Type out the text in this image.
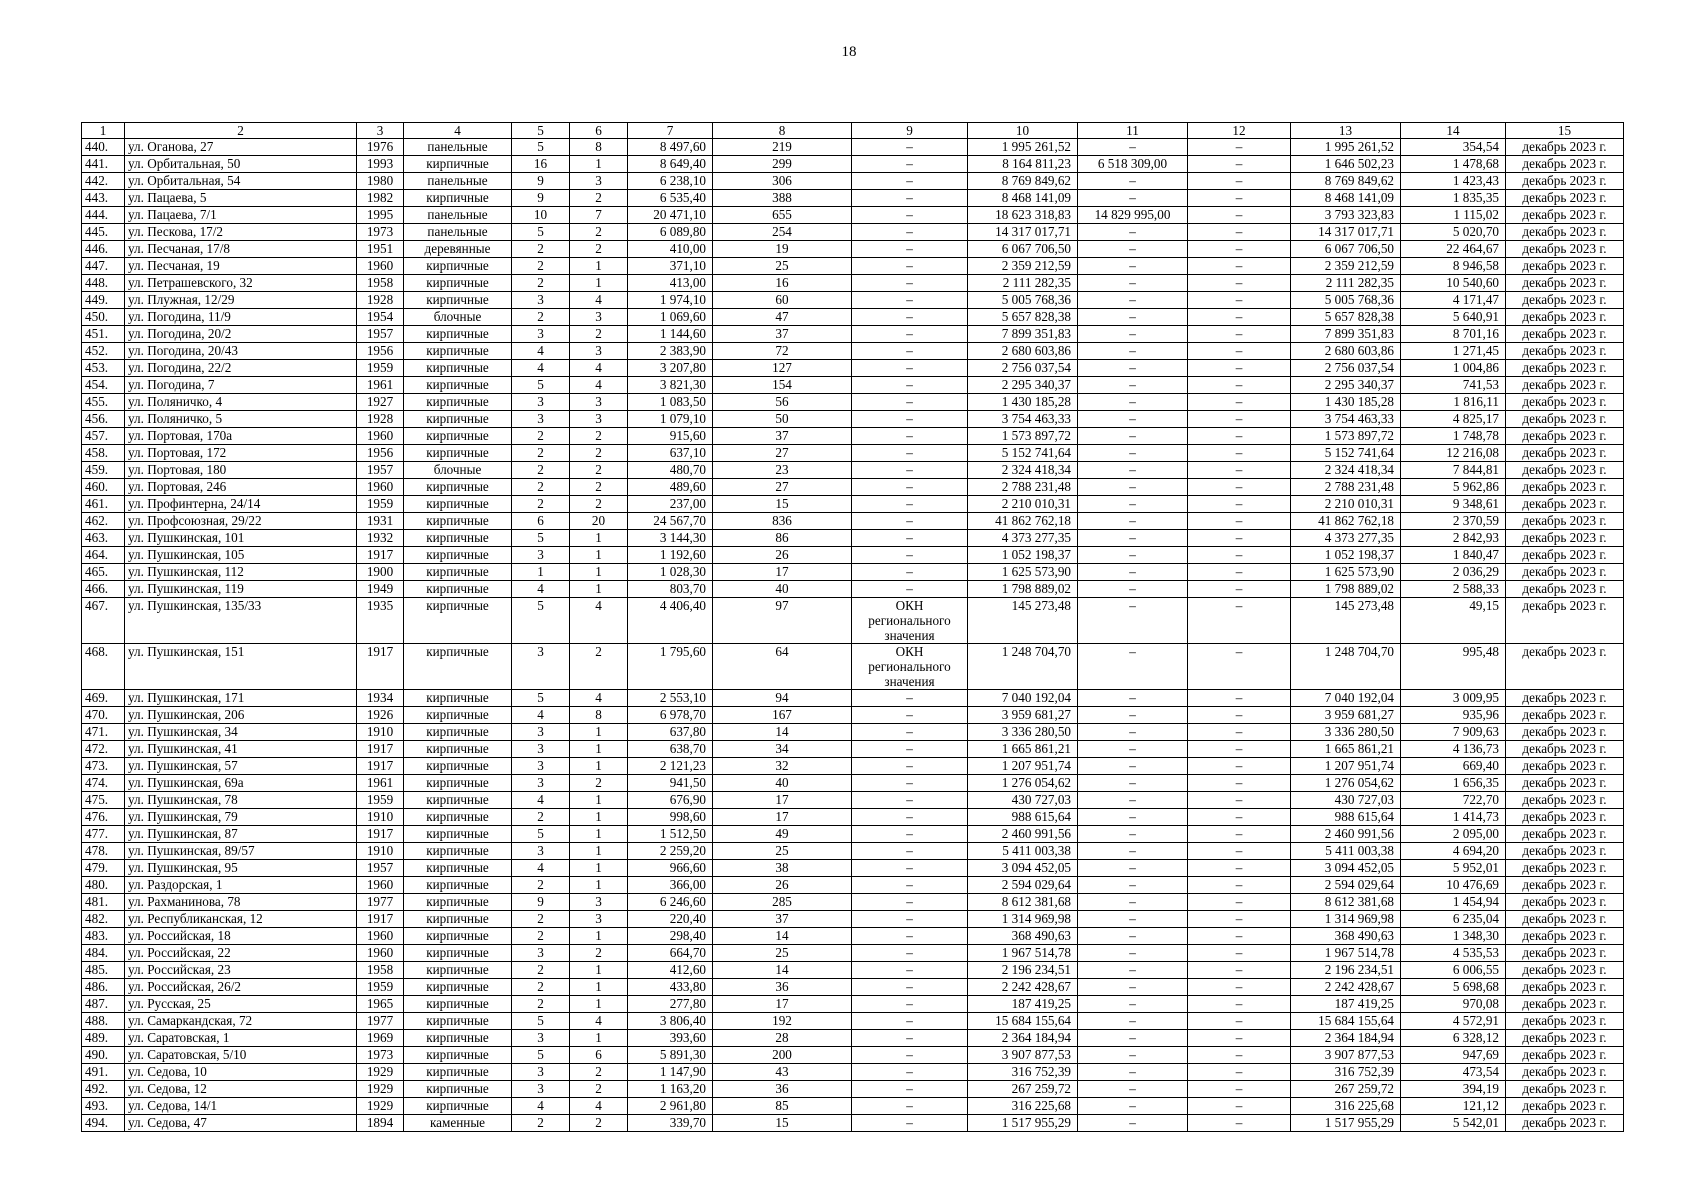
18
1	2	3	4	5	6	7	8	9	10	11	12	13	14	15
440.	ул. Оганова, 27	1976	панельные	5	8	8 497,60	219	–	1 995 261,52	–	–	1 995 261,52	354,54	декабрь 2023 г.
441.	ул. Орбитальная, 50	1993	кирпичные	16	1	8 649,40	299	–	8 164 811,23	6 518 309,00	–	1 646 502,23	1 478,68	декабрь 2023 г.
442.	ул. Орбитальная, 54	1980	панельные	9	3	6 238,10	306	–	8 769 849,62	–	–	8 769 849,62	1 423,43	декабрь 2023 г.
443.	ул. Пацаева, 5	1982	кирпичные	9	2	6 535,40	388	–	8 468 141,09	–	–	8 468 141,09	1 835,35	декабрь 2023 г.
444.	ул. Пацаева, 7/1	1995	панельные	10	7	20 471,10	655	–	18 623 318,83	14 829 995,00	–	3 793 323,83	1 115,02	декабрь 2023 г.
445.	ул. Пескова, 17/2	1973	панельные	5	2	6 089,80	254	–	14 317 017,71	–	–	14 317 017,71	5 020,70	декабрь 2023 г.
446.	ул. Песчаная, 17/8	1951	деревянные	2	2	410,00	19	–	6 067 706,50	–	–	6 067 706,50	22 464,67	декабрь 2023 г.
447.	ул. Песчаная, 19	1960	кирпичные	2	1	371,10	25	–	2 359 212,59	–	–	2 359 212,59	8 946,58	декабрь 2023 г.
448.	ул. Петрашевского, 32	1958	кирпичные	2	1	413,00	16	–	2 111 282,35	–	–	2 111 282,35	10 540,60	декабрь 2023 г.
449.	ул. Плужная, 12/29	1928	кирпичные	3	4	1 974,10	60	–	5 005 768,36	–	–	5 005 768,36	4 171,47	декабрь 2023 г.
450.	ул. Погодина, 11/9	1954	блочные	2	3	1 069,60	47	–	5 657 828,38	–	–	5 657 828,38	5 640,91	декабрь 2023 г.
451.	ул. Погодина, 20/2	1957	кирпичные	3	2	1 144,60	37	–	7 899 351,83	–	–	7 899 351,83	8 701,16	декабрь 2023 г.
452.	ул. Погодина, 20/43	1956	кирпичные	4	3	2 383,90	72	–	2 680 603,86	–	–	2 680 603,86	1 271,45	декабрь 2023 г.
453.	ул. Погодина, 22/2	1959	кирпичные	4	4	3 207,80	127	–	2 756 037,54	–	–	2 756 037,54	1 004,86	декабрь 2023 г.
454.	ул. Погодина, 7	1961	кирпичные	5	4	3 821,30	154	–	2 295 340,37	–	–	2 295 340,37	741,53	декабрь 2023 г.
455.	ул. Поляничко, 4	1927	кирпичные	3	3	1 083,50	56	–	1 430 185,28	–	–	1 430 185,28	1 816,11	декабрь 2023 г.
456.	ул. Поляничко, 5	1928	кирпичные	3	3	1 079,10	50	–	3 754 463,33	–	–	3 754 463,33	4 825,17	декабрь 2023 г.
457.	ул. Портовая, 170а	1960	кирпичные	2	2	915,60	37	–	1 573 897,72	–	–	1 573 897,72	1 748,78	декабрь 2023 г.
458.	ул. Портовая, 172	1956	кирпичные	2	2	637,10	27	–	5 152 741,64	–	–	5 152 741,64	12 216,08	декабрь 2023 г.
459.	ул. Портовая, 180	1957	блочные	2	2	480,70	23	–	2 324 418,34	–	–	2 324 418,34	7 844,81	декабрь 2023 г.
460.	ул. Портовая, 246	1960	кирпичные	2	2	489,60	27	–	2 788 231,48	–	–	2 788 231,48	5 962,86	декабрь 2023 г.
461.	ул. Профинтерна, 24/14	1959	кирпичные	2	2	237,00	15	–	2 210 010,31	–	–	2 210 010,31	9 348,61	декабрь 2023 г.
462.	ул. Профсоюзная, 29/22	1931	кирпичные	6	20	24 567,70	836	–	41 862 762,18	–	–	41 862 762,18	2 370,59	декабрь 2023 г.
463.	ул. Пушкинская, 101	1932	кирпичные	5	1	3 144,30	86	–	4 373 277,35	–	–	4 373 277,35	2 842,93	декабрь 2023 г.
464.	ул. Пушкинская, 105	1917	кирпичные	3	1	1 192,60	26	–	1 052 198,37	–	–	1 052 198,37	1 840,47	декабрь 2023 г.
465.	ул. Пушкинская, 112	1900	кирпичные	1	1	1 028,30	17	–	1 625 573,90	–	–	1 625 573,90	2 036,29	декабрь 2023 г.
466.	ул. Пушкинская, 119	1949	кирпичные	4	1	803,70	40	–	1 798 889,02	–	–	1 798 889,02	2 588,33	декабрь 2023 г.
467.	ул. Пушкинская, 135/33	1935	кирпичные	5	4	4 406,40	97	ОКН регионального значения	145 273,48	–	–	145 273,48	49,15	декабрь 2023 г.
468.	ул. Пушкинская, 151	1917	кирпичные	3	2	1 795,60	64	ОКН регионального значения	1 248 704,70	–	–	1 248 704,70	995,48	декабрь 2023 г.
469.	ул. Пушкинская, 171	1934	кирпичные	5	4	2 553,10	94	–	7 040 192,04	–	–	7 040 192,04	3 009,95	декабрь 2023 г.
470.	ул. Пушкинская, 206	1926	кирпичные	4	8	6 978,70	167	–	3 959 681,27	–	–	3 959 681,27	935,96	декабрь 2023 г.
471.	ул. Пушкинская, 34	1910	кирпичные	3	1	637,80	14	–	3 336 280,50	–	–	3 336 280,50	7 909,63	декабрь 2023 г.
472.	ул. Пушкинская, 41	1917	кирпичные	3	1	638,70	34	–	1 665 861,21	–	–	1 665 861,21	4 136,73	декабрь 2023 г.
473.	ул. Пушкинская, 57	1917	кирпичные	3	1	2 121,23	32	–	1 207 951,74	–	–	1 207 951,74	669,40	декабрь 2023 г.
474.	ул. Пушкинская, 69а	1961	кирпичные	3	2	941,50	40	–	1 276 054,62	–	–	1 276 054,62	1 656,35	декабрь 2023 г.
475.	ул. Пушкинская, 78	1959	кирпичные	4	1	676,90	17	–	430 727,03	–	–	430 727,03	722,70	декабрь 2023 г.
476.	ул. Пушкинская, 79	1910	кирпичные	2	1	998,60	17	–	988 615,64	–	–	988 615,64	1 414,73	декабрь 2023 г.
477.	ул. Пушкинская, 87	1917	кирпичные	5	1	1 512,50	49	–	2 460 991,56	–	–	2 460 991,56	2 095,00	декабрь 2023 г.
478.	ул. Пушкинская, 89/57	1910	кирпичные	3	1	2 259,20	25	–	5 411 003,38	–	–	5 411 003,38	4 694,20	декабрь 2023 г.
479.	ул. Пушкинская, 95	1957	кирпичные	4	1	966,60	38	–	3 094 452,05	–	–	3 094 452,05	5 952,01	декабрь 2023 г.
480.	ул. Раздорская, 1	1960	кирпичные	2	1	366,00	26	–	2 594 029,64	–	–	2 594 029,64	10 476,69	декабрь 2023 г.
481.	ул. Рахманинова, 78	1977	кирпичные	9	3	6 246,60	285	–	8 612 381,68	–	–	8 612 381,68	1 454,94	декабрь 2023 г.
482.	ул. Республиканская, 12	1917	кирпичные	2	3	220,40	37	–	1 314 969,98	–	–	1 314 969,98	6 235,04	декабрь 2023 г.
483.	ул. Российская, 18	1960	кирпичные	2	1	298,40	14	–	368 490,63	–	–	368 490,63	1 348,30	декабрь 2023 г.
484.	ул. Российская, 22	1960	кирпичные	3	2	664,70	25	–	1 967 514,78	–	–	1 967 514,78	4 535,53	декабрь 2023 г.
485.	ул. Российская, 23	1958	кирпичные	2	1	412,60	14	–	2 196 234,51	–	–	2 196 234,51	6 006,55	декабрь 2023 г.
486.	ул. Российская, 26/2	1959	кирпичные	2	1	433,80	36	–	2 242 428,67	–	–	2 242 428,67	5 698,68	декабрь 2023 г.
487.	ул. Русская, 25	1965	кирпичные	2	1	277,80	17	–	187 419,25	–	–	187 419,25	970,08	декабрь 2023 г.
488.	ул. Самаркандская, 72	1977	кирпичные	5	4	3 806,40	192	–	15 684 155,64	–	–	15 684 155,64	4 572,91	декабрь 2023 г.
489.	ул. Саратовская, 1	1969	кирпичные	3	1	393,60	28	–	2 364 184,94	–	–	2 364 184,94	6 328,12	декабрь 2023 г.
490.	ул. Саратовская, 5/10	1973	кирпичные	5	6	5 891,30	200	–	3 907 877,53	–	–	3 907 877,53	947,69	декабрь 2023 г.
491.	ул. Седова, 10	1929	кирпичные	3	2	1 147,90	43	–	316 752,39	–	–	316 752,39	473,54	декабрь 2023 г.
492.	ул. Седова, 12	1929	кирпичные	3	2	1 163,20	36	–	267 259,72	–	–	267 259,72	394,19	декабрь 2023 г.
493.	ул. Седова, 14/1	1929	кирпичные	4	4	2 961,80	85	–	316 225,68	–	–	316 225,68	121,12	декабрь 2023 г.
494.	ул. Седова, 47	1894	каменные	2	2	339,70	15	–	1 517 955,29	–	–	1 517 955,29	5 542,01	декабрь 2023 г.
